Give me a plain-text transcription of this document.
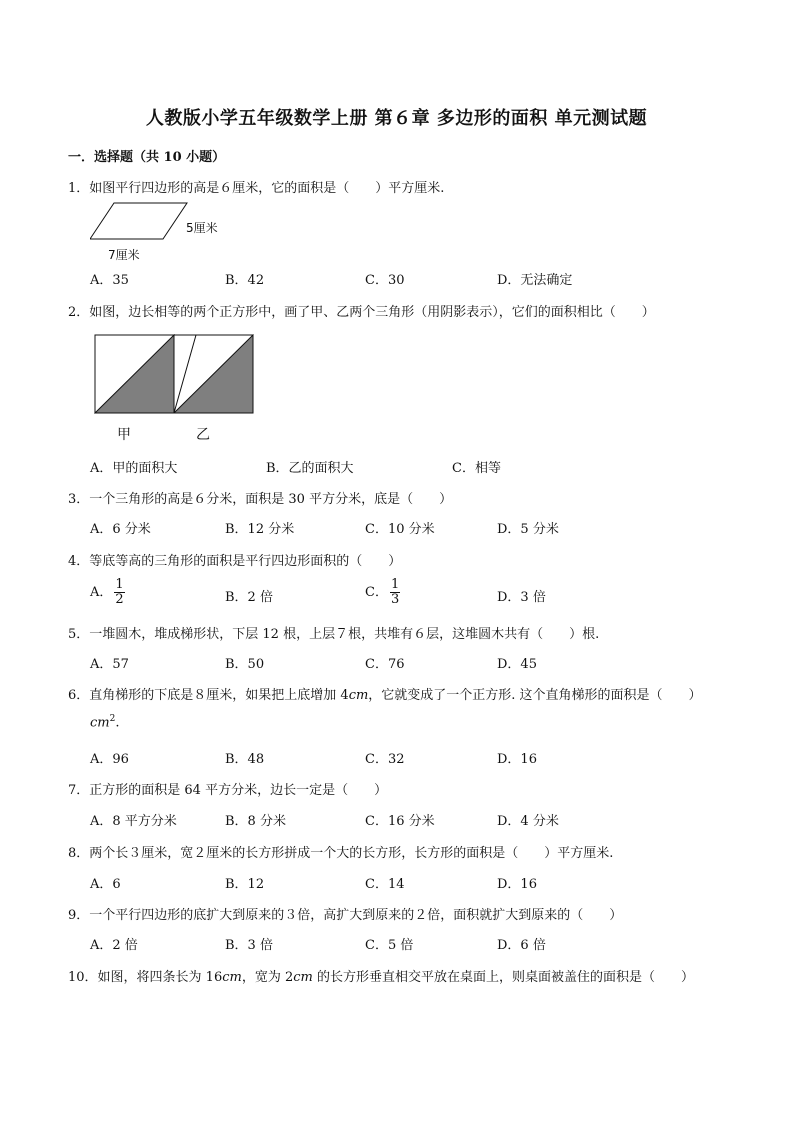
人教版小学五年级数学上册 第６章 多边形的面积 单元测试题
一．选择题（共 10 小题）
1．如图平行四边形的高是６厘米，它的面积是（　　）平方厘米.
5厘米
7厘米
A．35	B．42	C．30	D．无法确定
2．如图，边长相等的两个正方形中，画了甲、乙两个三角形（用阴影表示），它们的面积相比（　　）
甲	乙
A．甲的面积大	B．乙的面积大	C．相等
3．一个三角形的高是６分米，面积是 30 平方分米，底是（　　）
A．6 分米	B．12 分米	C．10 分米	D．5 分米
4．等底等高的三角形的面积是平行四边形面积的（　　）
A． $\frac{1}{2}$	B．2 倍	C． $\frac{1}{3}$	D．3 倍
5．一堆圆木，堆成梯形状，下层 12 根，上层７根，共堆有６层，这堆圆木共有（　　）根.
A．57	B．50	C．76	D．45
6．直角梯形的下底是８厘米，如果把上底增加 4cm，它就变成了一个正方形. 这个直角梯形的面积是（　　）
$cm^2$.
A．96	B．48	C．32	D．16
7．正方形的面积是 64 平方分米，边长一定是（　　）
A．8 平方分米	B．8 分米	C．16 分米	D．4 分米
8．两个长３厘米，宽２厘米的长方形拼成一个大的长方形，长方形的面积是（　　）平方厘米.
A．6	B．12	C．14	D．16
9．一个平行四边形的底扩大到原来的３倍，高扩大到原来的２倍，面积就扩大到原来的（　　）
A．2 倍	B．3 倍	C．5 倍	D．6 倍
10．如图，将四条长为 16cm，宽为 2cm 的长方形垂直相交平放在桌面上，则桌面被盖住的面积是（　　）
